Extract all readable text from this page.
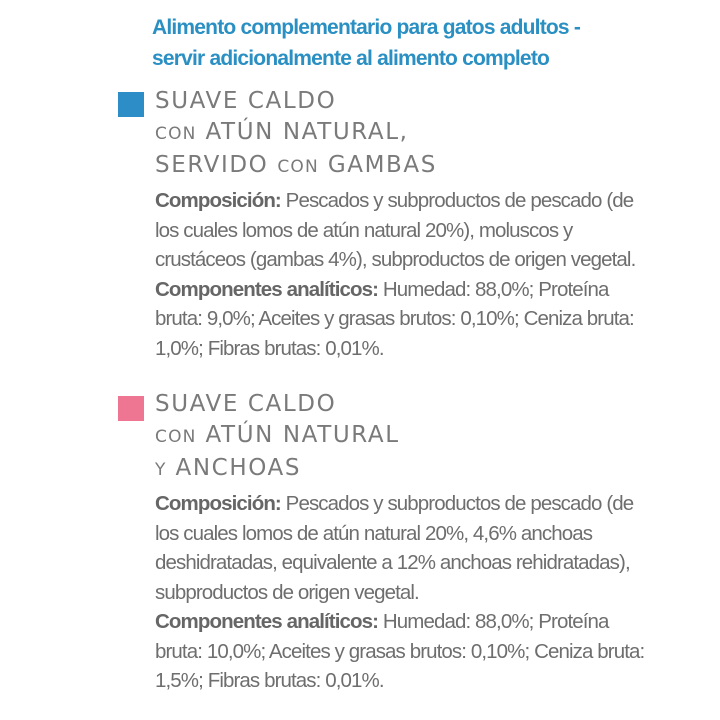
Alimento complementario para gatos adultos -
servir adicionalmente al alimento completo
SUAVE CALDO
CON ATÚN NATURAL,
SERVIDO CON GAMBAS
Composición: Pescados y subproductos de pescado (de
los cuales lomos de atún natural 20%), moluscos y
crustáceos (gambas 4%), subproductos de origen vegetal.
Componentes analíticos: Humedad: 88,0%; Proteína
bruta: 9,0%; Aceites y grasas brutos: 0,10%; Ceniza bruta:
1,0%; Fibras brutas: 0,01%.
SUAVE CALDO
CON ATÚN NATURAL
Y ANCHOAS
Composición: Pescados y subproductos de pescado (de
los cuales lomos de atún natural 20%, 4,6% anchoas
deshidratadas, equivalente a 12% anchoas rehidratadas),
subproductos de origen vegetal.
Componentes analíticos: Humedad: 88,0%; Proteína
bruta: 10,0%; Aceites y grasas brutos: 0,10%; Ceniza bruta:
1,5%; Fibras brutas: 0,01%.
